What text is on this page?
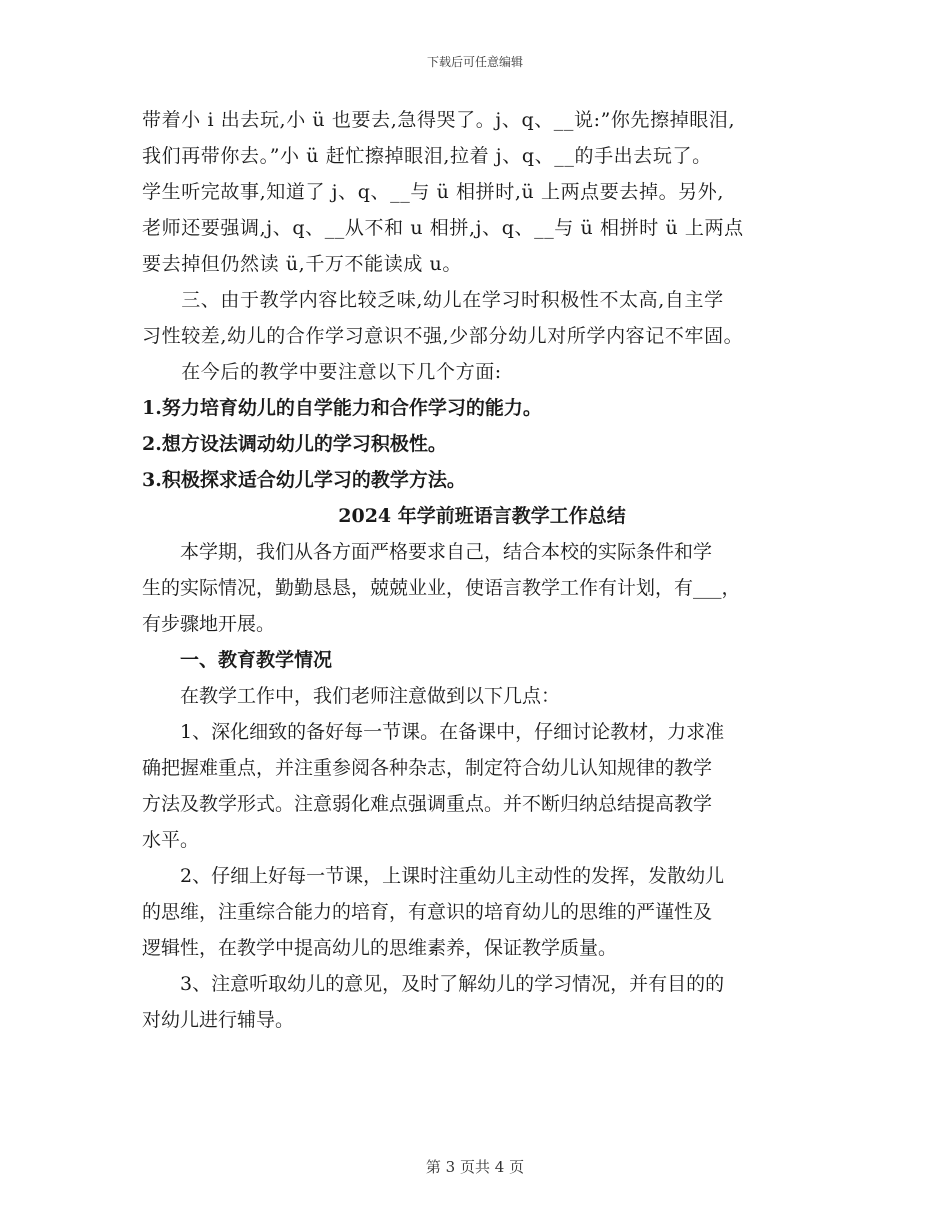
下载后可任意编辑

带着小 i 出去玩,小 ü 也要去,急得哭了。j、q、__说:”你先擦掉眼泪,

我们再带你去。”小 ü 赶忙擦掉眼泪,拉着 j、q、__的手出去玩了。

学生听完故事,知道了 j、q、__与 ü 相拼时,ü 上两点要去掉。另外,

老师还要强调,j、q、__从不和 u 相拼,j、q、__与 ü 相拼时 ü 上两点

要去掉但仍然读 ü,千万不能读成 u。

　　三、由于教学内容比较乏味,幼儿在学习时积极性不太高,自主学

习性较差,幼儿的合作学习意识不强,少部分幼儿对所学内容记不牢固。

　　在今后的教学中要注意以下几个方面:

1.努力培育幼儿的自学能力和合作学习的能力。

2.想方设法调动幼儿的学习积极性。

3.积极探求适合幼儿学习的教学方法。

2024 年学前班语言教学工作总结

　　本学期，我们从各方面严格要求自己，结合本校的实际条件和学

生的实际情况，勤勤恳恳，兢兢业业，使语言教学工作有计划，有___，

有步骤地开展。

　　一、教育教学情况

　　在教学工作中，我们老师注意做到以下几点：

　　1、深化细致的备好每一节课。在备课中，仔细讨论教材，力求准

确把握难重点，并注重参阅各种杂志，制定符合幼儿认知规律的教学

方法及教学形式。注意弱化难点强调重点。并不断归纳总结提高教学

水平。

　　2、仔细上好每一节课，上课时注重幼儿主动性的发挥，发散幼儿

的思维，注重综合能力的培育，有意识的培育幼儿的思维的严谨性及

逻辑性，在教学中提高幼儿的思维素养，保证教学质量。

　　3、注意听取幼儿的意见，及时了解幼儿的学习情况，并有目的的

对幼儿进行辅导。

第 3 页共 4 页
